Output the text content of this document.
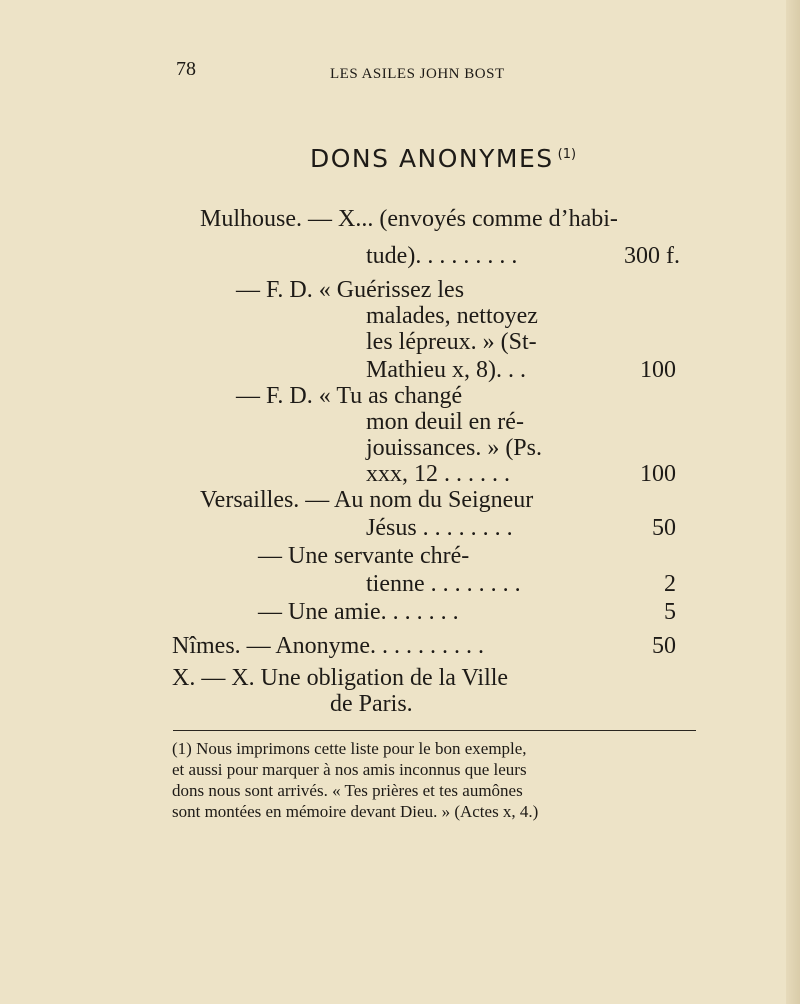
78	LES ASILES JOHN BOST
DONS ANONYMES $^{(1)}$
Mulhouse. — X... (envoyés comme d’habi-
tude). . . . . . . . .	300 f.
— F. D. « Guérissez les
malades, nettoyez
les lépreux. » (St-
Mathieu x, 8). . .	100
— F. D. « Tu as changé
mon deuil en ré-
jouissances. » (Ps.
xxx, 12 . . . . . .	100
Versailles. — Au nom du Seigneur
Jésus . . . . . . . .	50
— Une servante chré-
tienne . . . . . . . .	2
— Une amie. . . . . . .	5
Nîmes. — Anonyme. . . . . . . . . .	50
X. — X. Une obligation de la Ville
de Paris.

(1) Nous imprimons cette liste pour le bon exemple,

et aussi pour marquer à nos amis inconnus que leurs

dons nous sont arrivés. « Tes prières et tes aumônes

sont montées en mémoire devant Dieu. » (Actes x, 4.)
